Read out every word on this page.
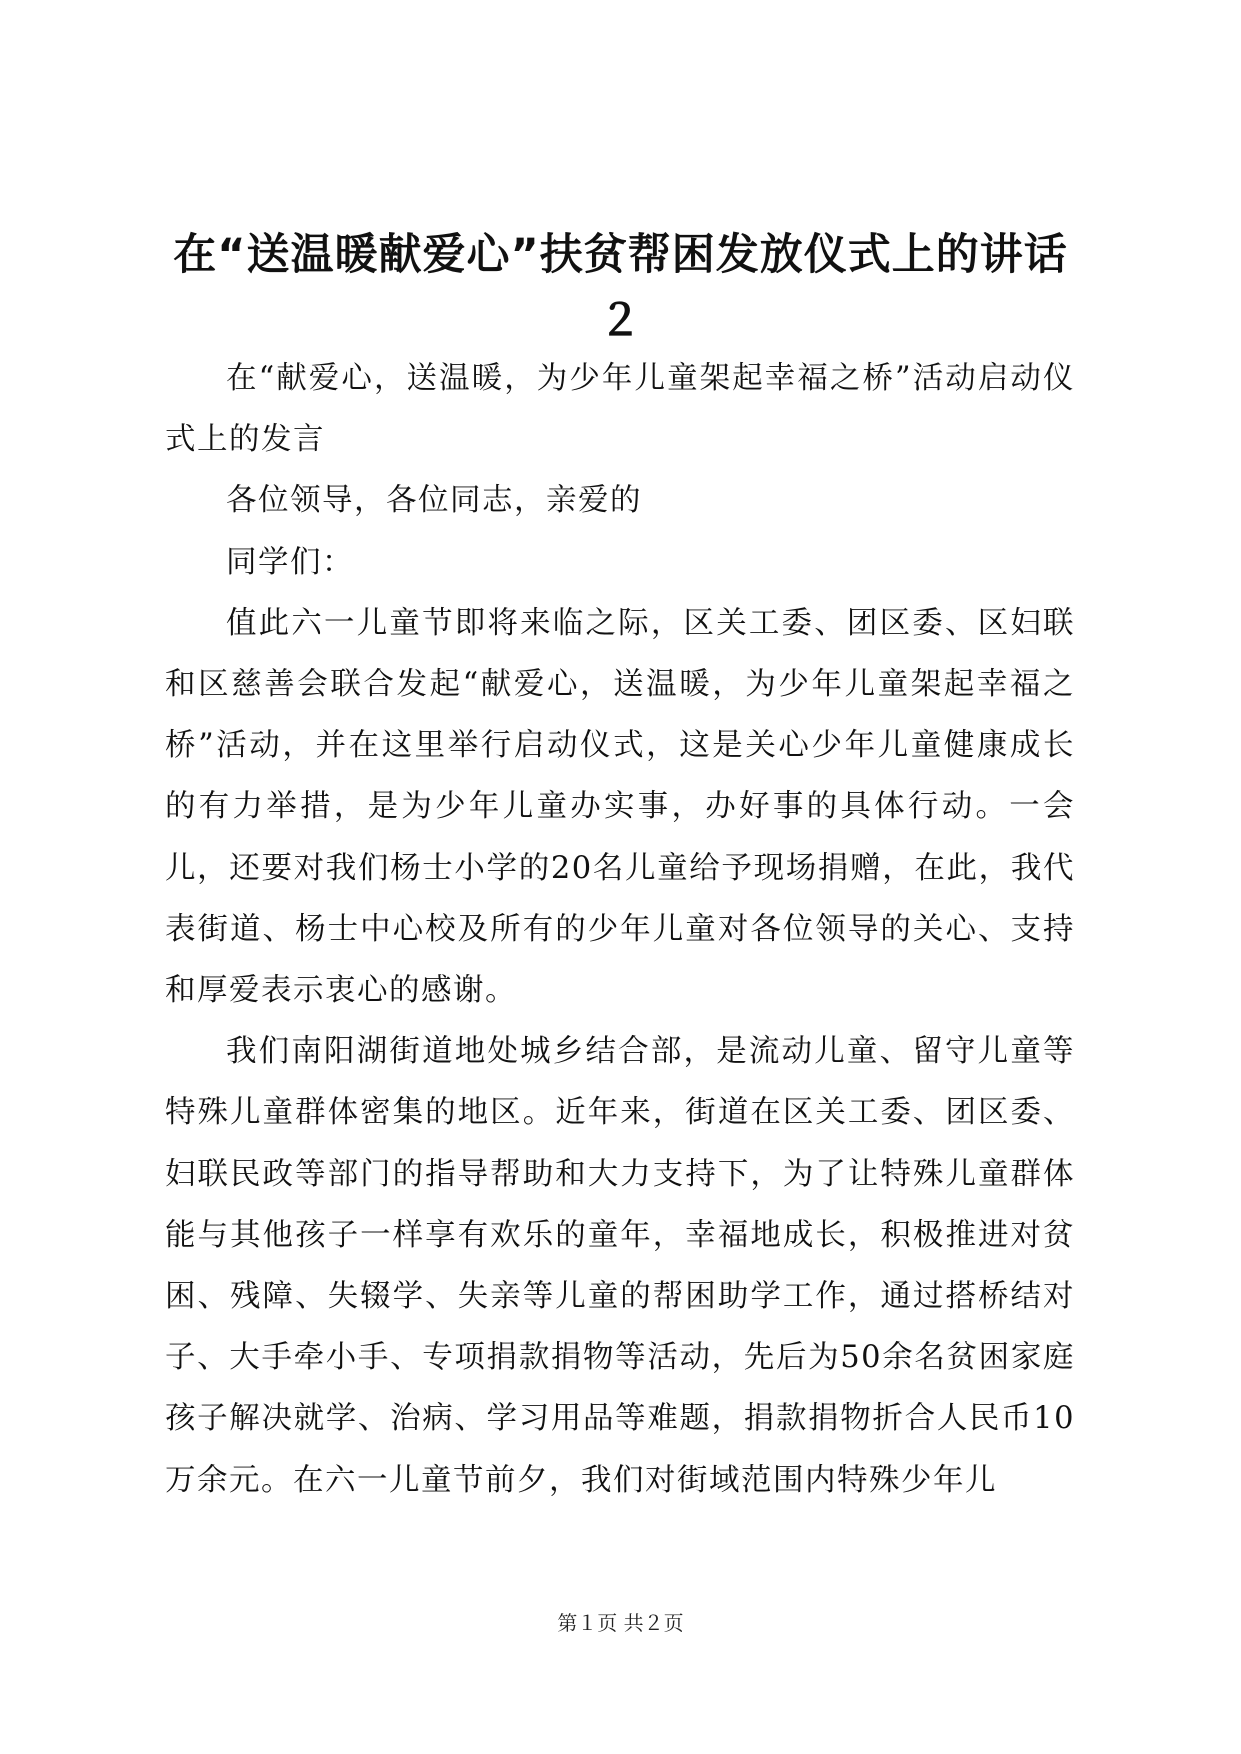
在“送温暖献爱心”扶贫帮困发放仪式上的讲话２

在“献爱心，送温暖，为少年儿童架起幸福之桥”活动启动仪式上的发言

各位领导，各位同志，亲爱的

同学们：

值此六一儿童节即将来临之际，区关工委、团区委、区妇联和区慈善会联合发起“献爱心，送温暖，为少年儿童架起幸福之桥”活动，并在这里举行启动仪式，这是关心少年儿童健康成长的有力举措，是为少年儿童办实事，办好事的具体行动。一会儿，还要对我们杨士小学的20名儿童给予现场捐赠，在此，我代表街道、杨士中心校及所有的少年儿童对各位领导的关心、支持和厚爱表示衷心的感谢。

我们南阳湖街道地处城乡结合部，是流动儿童、留守儿童等特殊儿童群体密集的地区。近年来，街道在区关工委、团区委、妇联民政等部门的指导帮助和大力支持下，为了让特殊儿童群体能与其他孩子一样享有欢乐的童年，幸福地成长，积极推进对贫困、残障、失辍学、失亲等儿童的帮困助学工作，通过搭桥结对子、大手牵小手、专项捐款捐物等活动，先后为50余名贫困家庭孩子解决就学、治病、学习用品等难题，捐款捐物折合人民币10万余元。在六一儿童节前夕，我们对街域范围内特殊少年儿

第１页 共２页
